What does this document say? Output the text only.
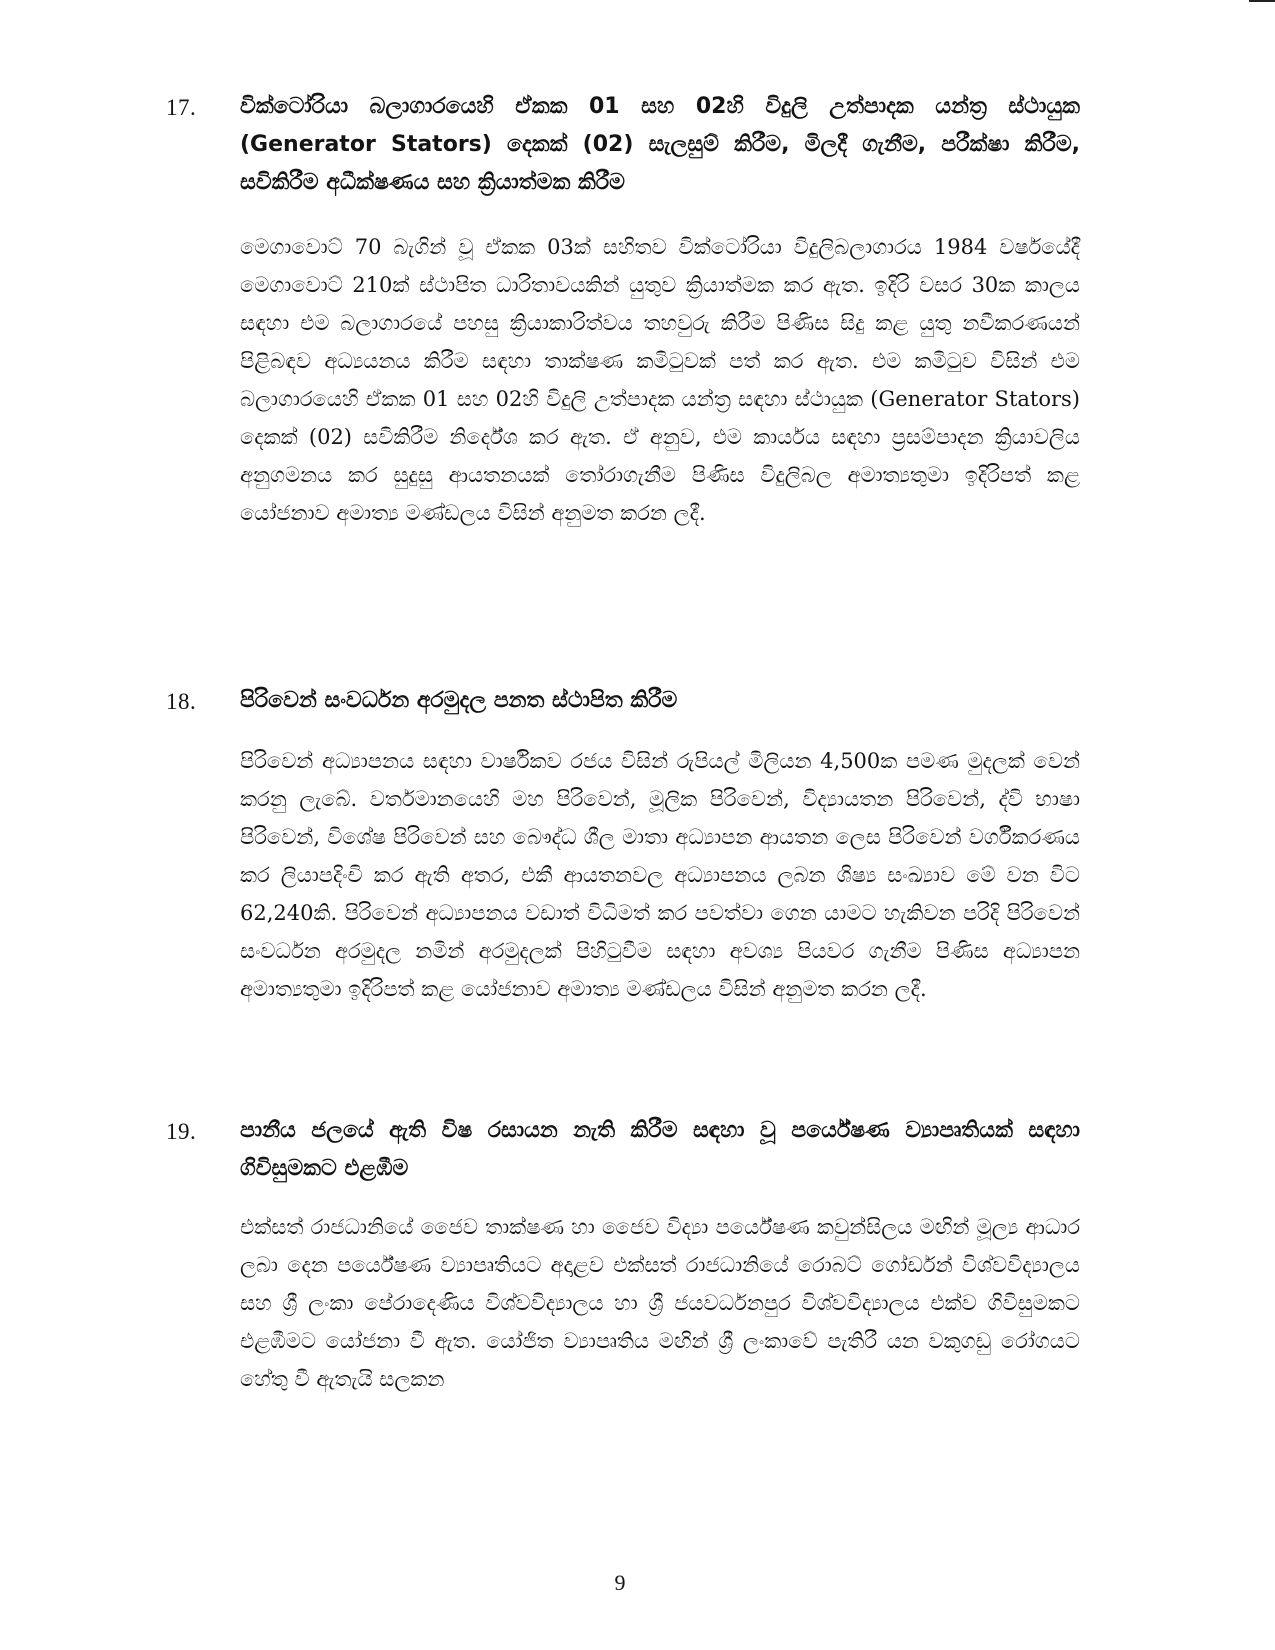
17. වික්ටෝරියා බලාගාරයෙහි ඒකක 01 සහ 02හි විදුලි උත්පාදක යන්ත්‍ර ස්ථායුක (Generator Stators) දෙකක් (02) සැලසුම් කිරීම, මිලදී ගැනීම, පරීක්ෂා කිරීම, සවිකිරීම අධීක්ෂණය සහ ක්‍රියාත්මක කිරීම
මෙගාවොට් 70 බැගින් වූ ඒකක 03ක් සහිතව වික්ටෝරියා විදුලිබලාගාරය 1984 වර්ෂයේදී මෙගාවොට් 210ක් ස්ථාපිත ධාරිතාවයකින් යුතුව ක්‍රියාත්මක කර ඇත. ඉදිරි වසර 30ක කාලය සඳහා එම බලාගාරයේ පහසු ක්‍රියාකාරිත්වය තහවුරු කිරීම පිණිස සිදු කළ යුතු නවීකරණයන් පිළිබඳව අධ්‍යයනය කිරීම සඳහා තාක්ෂණ කමිටුවක් පත් කර ඇත. එම කමිටුව විසින් එම බලාගාරයෙහි ඒකක 01 සහ 02හි විදුලි උත්පාදක යන්ත්‍ර සඳහා ස්ථායුක (Generator Stators) දෙකක් (02) සවිකිරීම නිර්දේශ කර ඇත. ඒ අනුව, එම කාර්යය සඳහා ප්‍රසම්පාදන ක්‍රියාවලිය අනුගමනය කර සුදුසු ආයතනයක් තෝරාගැනීම පිණිස විදුලිබල අමාත්‍යතුමා ඉදිරිපත් කළ යෝජනාව අමාත්‍ය මණ්ඩලය විසින් අනුමත කරන ලදී.
18. පිරිවෙන් සංවර්ධන අරමුදල පනත ස්ථාපිත කිරීම
පිරිවෙන් අධ්‍යාපනය සඳහා වාර්ෂිකව රජය විසින් රුපියල් මිලියන 4,500ක පමණ මුදලක් වෙන් කරනු ලැබේ. වර්තමානයෙහි මහ පිරිවෙන්, මූලික පිරිවෙන්, විද්‍යායතන පිරිවෙන්, ද්වි භාෂා පිරිවෙන්, විශේෂ පිරිවෙන් සහ බෞද්ධ ශීල මාතා අධ්‍යාපන ආයතන ලෙස පිරිවෙන් වර්ගීකරණය කර ලියාපදිංචි කර ඇති අතර, එකී ආයතනවල අධ්‍යාපනය ලබන ශිෂ්‍ය සංඛ්‍යාව මේ වන විට 62,240කි. පිරිවෙන් අධ්‍යාපනය වඩාත් විධිමත් කර පවත්වා ගෙන යාමට හැකිවන පරිදි පිරිවෙන් සංවර්ධන අරමුදල නමින් අරමුදලක් පිහිටුවීම සඳහා අවශ්‍ය පියවර ගැනීම පිණිස අධ්‍යාපන අමාත්‍යතුමා ඉදිරිපත් කළ යෝජනාව අමාත්‍ය මණ්ඩලය විසින් අනුමත කරන ලදී.
19. පානීය ජලයේ ඇති විෂ රසායන නැති කිරීම සඳහා වූ පර්යේෂණ ව්‍යාපෘතියක් සඳහා ගිවිසුමකට එළඹීම
එක්සත් රාජධානියේ ජෛව තාක්ෂණ හා ජෛව විද්‍යා පර්යේෂණ කවුන්සිලය මඟින් මූල්‍ය ආධාර ලබා දෙන පර්යේෂණ ව්‍යාපෘතියට අදාළව එක්සත් රාජධානියේ රොබට් ගෝර්ඩන් විශ්වවිද්‍යාලය සහ ශ්‍රී ලංකා පේරාදෙණිය විශ්වවිද්‍යාලය හා ශ්‍රී ජයවර්ධනපුර විශ්වවිද්‍යාලය එක්ව ගිවිසුමකට එළඹීමට යෝජනා වී ඇත. යෝජිත ව්‍යාපෘතිය මඟින් ශ්‍රී ලංකාවේ පැතිරී යන වකුගඩු රෝගයට හේතු වී ඇතැයි සලකන
9
